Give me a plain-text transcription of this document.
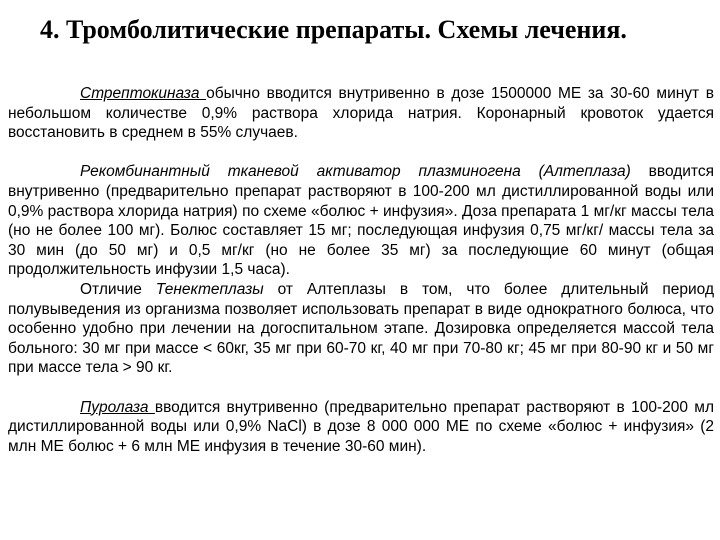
4. Тромболитические препараты. Схемы лечения.

Стрептокиназа обычно вводится внутривенно в дозе 1500000 МЕ за 30-60 минут в небольшом количестве 0,9% раствора хлорида натрия. Коронарный кровоток удается восстановить в среднем в 55% случаев.

Рекомбинантный тканевой активатор плазминогена (Алтеплаза) вводится внутривенно (предварительно препарат растворяют в 100-200 мл дистиллированной воды или 0,9% раствора хлорида натрия) по схеме «болюс + инфузия». Доза препарата 1 мг/кг массы тела (но не более 100 мг). Болюс составляет 15 мг; последующая инфузия 0,75 мг/кг/ массы тела за 30 мин (до 50 мг) и 0,5 мг/кг (но не более 35 мг) за последующие 60 минут (общая продолжительность инфузии 1,5 часа).

Отличие Тенектеплазы от Алтеплазы в том, что более длительный период полувыведения из организма позволяет использовать препарат в виде однократного болюса, что особенно удобно при лечении на догоспитальном этапе. Дозировка определяется массой тела больного: 30 мг при массе < 60кг, 35 мг при 60-70 кг, 40 мг при 70-80 кг; 45 мг при 80-90 кг и 50 мг при массе тела > 90 кг.

Пуролаза вводится внутривенно (предварительно препарат растворяют в 100-200 мл дистиллированной воды или 0,9% NaCl) в дозе 8 000 000 МЕ по схеме «болюс + инфузия» (2 млн МЕ болюс + 6 млн МЕ инфузия в течение 30-60 мин).
